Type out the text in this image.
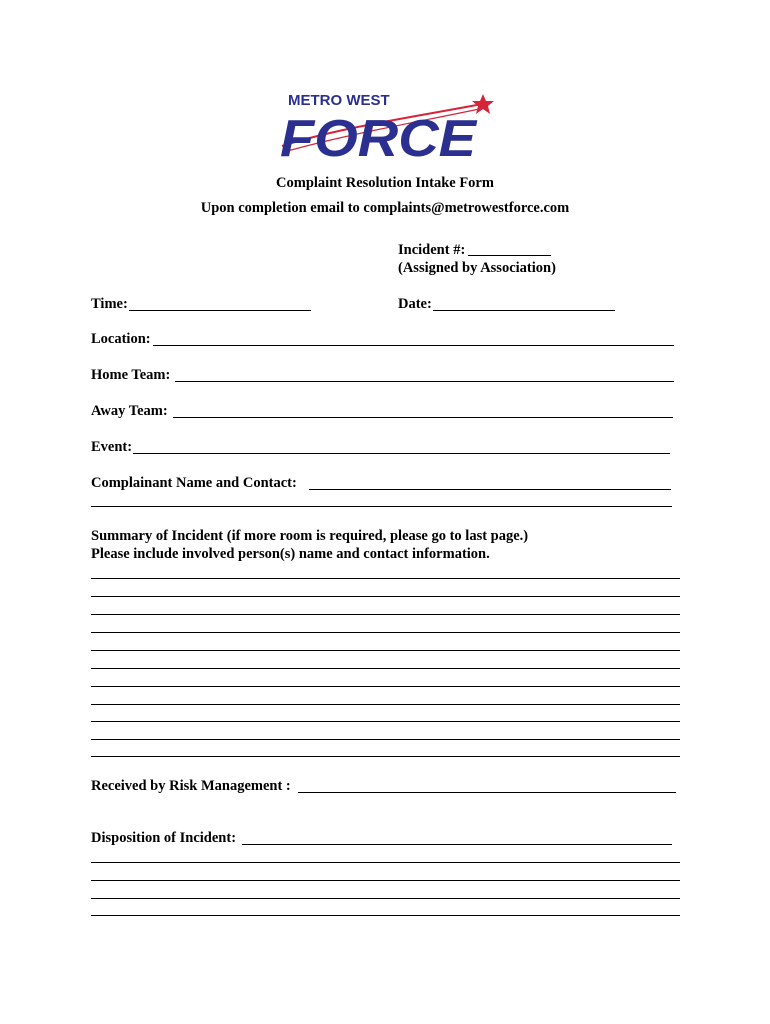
METRO WEST
FORCE
Complaint Resolution Intake Form
Upon completion email to complaints@metrowestforce.com
Incident #:
(Assigned by Association)
Time:	Date:
Location:
Home Team:
Away Team:
Event:
Complainant Name and Contact:
Summary of Incident (if more room is required, please go to last page.)
Please include involved person(s) name and contact information.
Received by Risk Management :
Disposition of Incident:
